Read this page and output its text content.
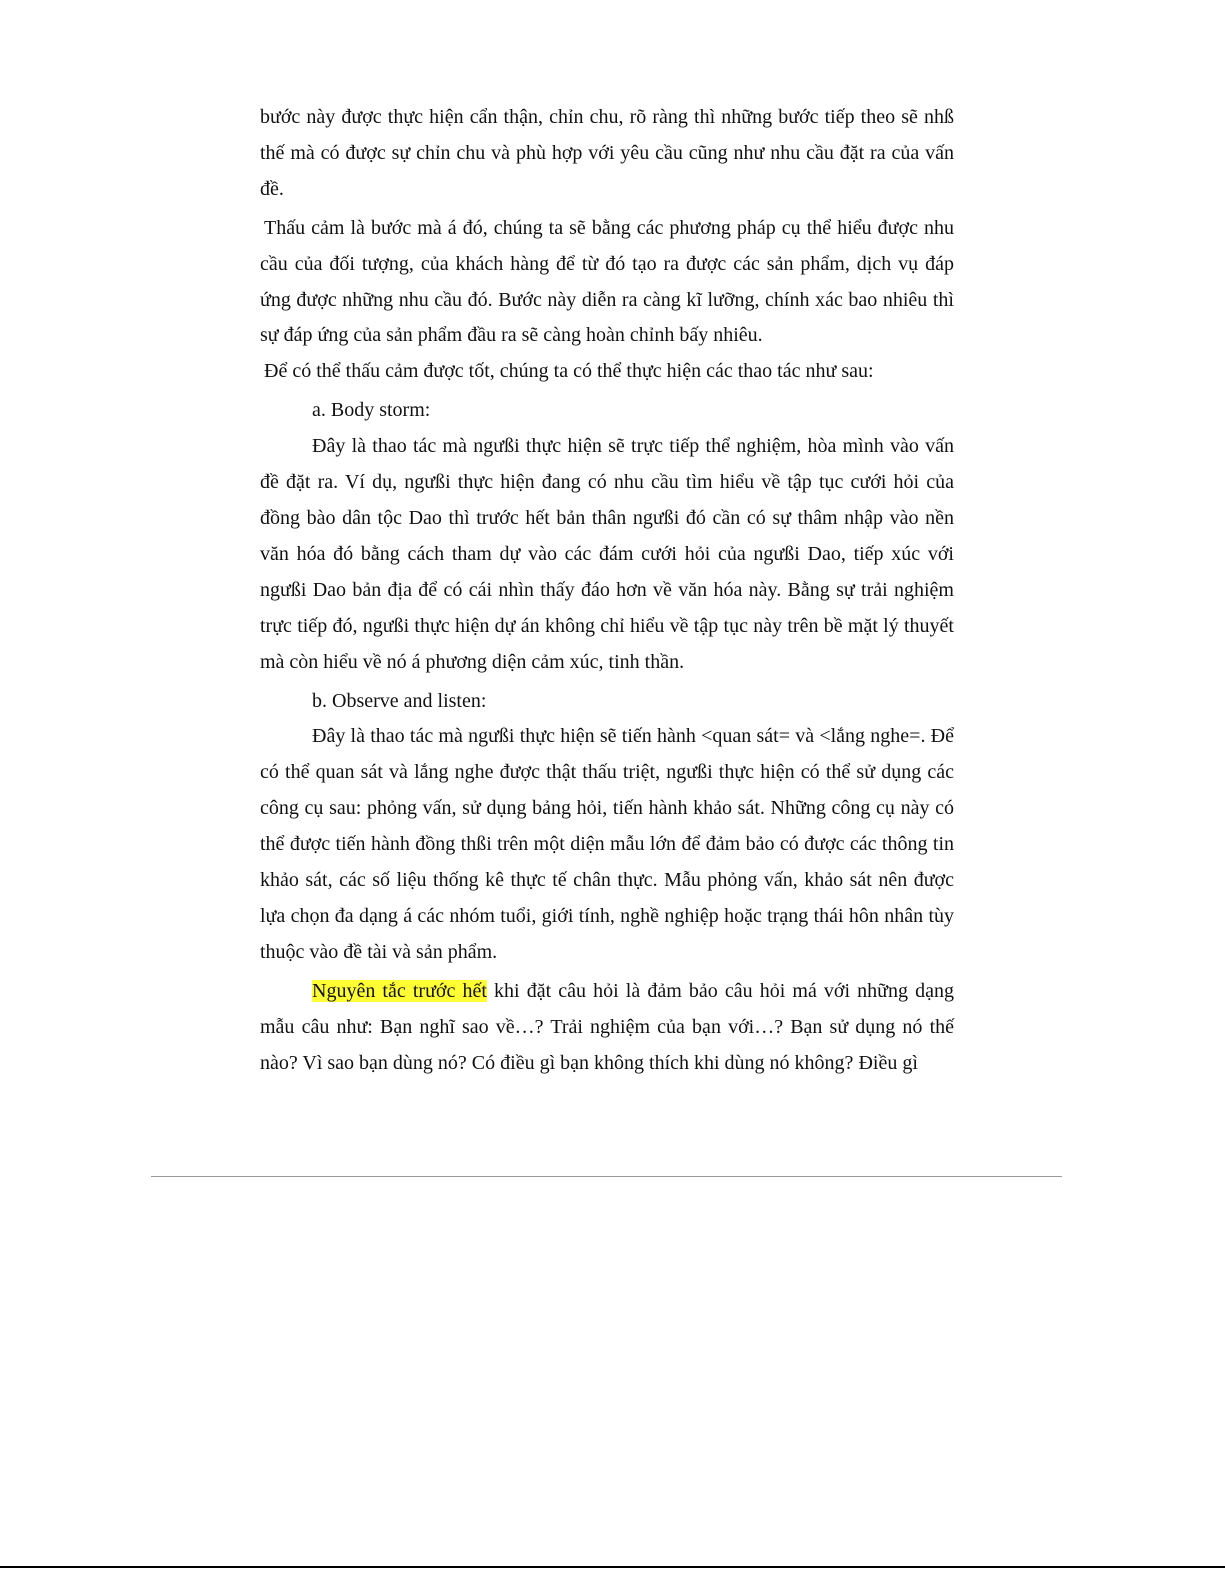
bước này được thực hiện cẩn thận, chỉn chu, rõ ràng thì những bước tiếp theo sẽ nhß thế mà có được sự chỉn chu và phù hợp với yêu cầu cũng như nhu cầu đặt ra của vấn đề.

Thấu cảm là bước mà á đó, chúng ta sẽ bằng các phương pháp cụ thể hiểu được nhu cầu của đối tượng, của khách hàng để từ đó tạo ra được các sản phẩm, dịch vụ đáp ứng được những nhu cầu đó. Bước này diễn ra càng kĩ lưỡng, chính xác bao nhiêu thì sự đáp ứng của sản phẩm đầu ra sẽ càng hoàn chỉnh bấy nhiêu.

Để có thể thấu cảm được tốt, chúng ta có thể thực hiện các thao tác như sau:

a. Body storm:

Đây là thao tác mà ngưßi thực hiện sẽ trực tiếp thể nghiệm, hòa mình vào vấn đề đặt ra. Ví dụ, ngưßi thực hiện đang có nhu cầu tìm hiểu về tập tục cưới hỏi của đồng bào dân tộc Dao thì trước hết bản thân ngưßi đó cần có sự thâm nhập vào nền văn hóa đó bằng cách tham dự vào các đám cưới hỏi của ngưßi Dao, tiếp xúc với ngưßi Dao bản địa để có cái nhìn thấy đáo hơn về văn hóa này. Bằng sự trải nghiệm trực tiếp đó, ngưßi thực hiện dự án không chỉ hiểu về tập tục này trên bề mặt lý thuyết mà còn hiểu về nó á phương diện cảm xúc, tinh thần.

b. Observe and listen:

Đây là thao tác mà ngưßi thực hiện sẽ tiến hành <quan sát= và <lắng nghe=. Để có thể quan sát và lắng nghe được thật thấu triệt, ngưßi thực hiện có thể sử dụng các công cụ sau: phỏng vấn, sử dụng bảng hỏi, tiến hành khảo sát. Những công cụ này có thể được tiến hành đồng thßi trên một diện mẫu lớn để đảm bảo có được các thông tin khảo sát, các số liệu thống kê thực tế chân thực. Mẫu phỏng vấn, khảo sát nên được lựa chọn đa dạng á các nhóm tuổi, giới tính, nghề nghiệp hoặc trạng thái hôn nhân tùy thuộc vào đề tài và sản phẩm.

Nguyên tắc trước hết khi đặt câu hỏi là đảm bảo câu hỏi má với những dạng mẫu câu như: Bạn nghĩ sao về…? Trải nghiệm của bạn với…? Bạn sử dụng nó thế nào? Vì sao bạn dùng nó? Có điều gì bạn không thích khi dùng nó không? Điều gì
